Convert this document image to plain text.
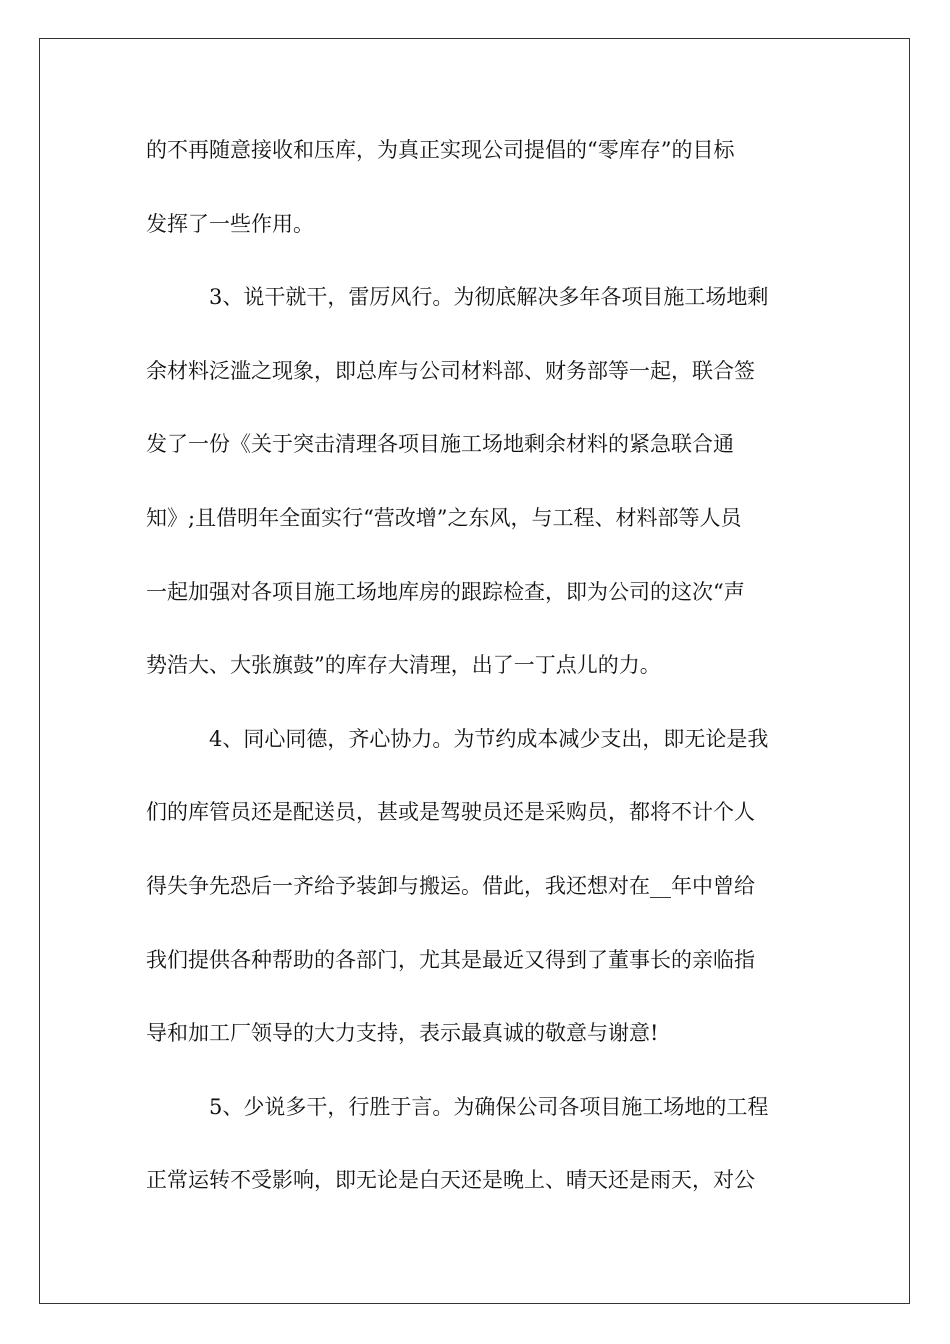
的不再随意接收和压库，为真正实现公司提倡的“零库存”的目标
发挥了一些作用。
3、说干就干，雷厉风行。为彻底解决多年各项目施工场地剩
余材料泛滥之现象，即总库与公司材料部、财务部等一起，联合签
发了一份《关于突击清理各项目施工场地剩余材料的紧急联合通
知》;且借明年全面实行“营改增”之东风，与工程、材料部等人员
一起加强对各项目施工场地库房的跟踪检查，即为公司的这次“声
势浩大、大张旗鼓”的库存大清理，出了一丁点儿的力。
4、同心同德，齐心协力。为节约成本减少支出，即无论是我
们的库管员还是配送员，甚或是驾驶员还是采购员，都将不计个人
得失争先恐后一齐给予装卸与搬运。借此，我还想对在__年中曾给
我们提供各种帮助的各部门，尤其是最近又得到了董事长的亲临指
导和加工厂领导的大力支持，表示最真诚的敬意与谢意!
5、少说多干，行胜于言。为确保公司各项目施工场地的工程
正常运转不受影响，即无论是白天还是晚上、晴天还是雨天，对公
